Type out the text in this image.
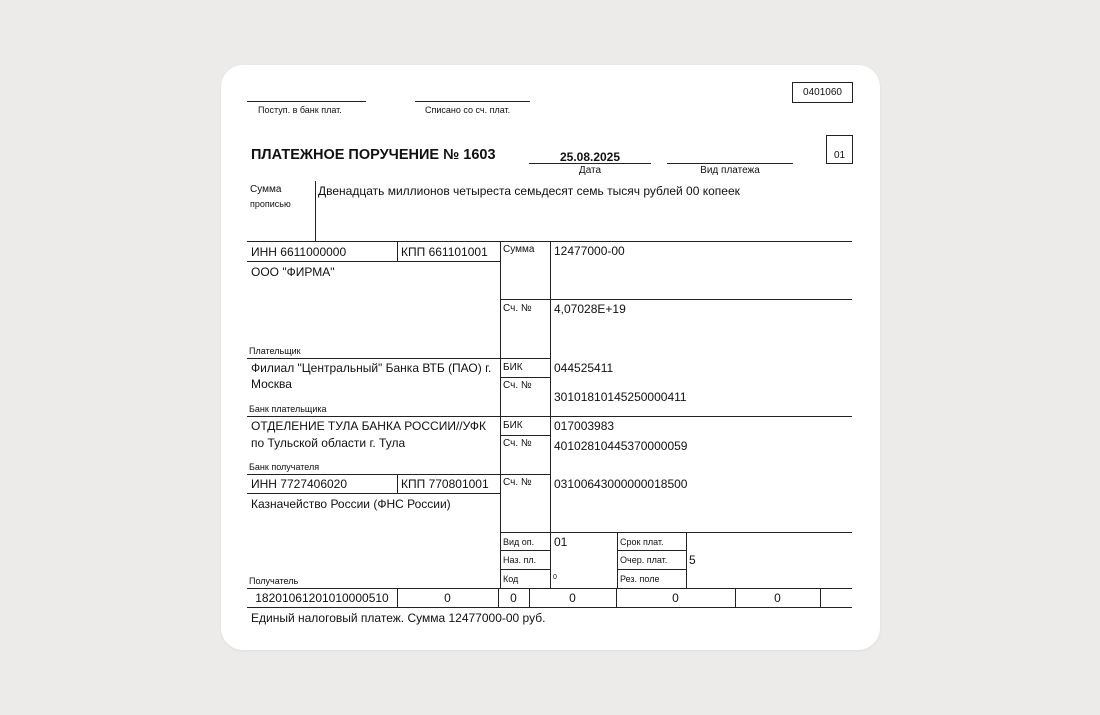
Поступ. в банк плат.	Списано со сч. плат.
0401060
ПЛАТЕЖНОЕ ПОРУЧЕНИЕ № 1603	25.08.2025
Дата	Вид платежа
01
Сумма
прописью
Двенадцать миллионов четыреста семьдесят семь тысяч рублей 00 копеек
ИНН 6611000000	КПП 661101001
ООО "ФИРМА"
Плательщик
Сумма 12477000-00
Сч. № 4,07028E+19
Филиал "Центральный" Банка ВТБ (ПАО) г.
Москва
Банк плательщика
БИК	044525411
Сч. №
30101810145250000411
ОТДЕЛЕНИЕ ТУЛА БАНКА РОССИИ//УФК
по Тульской области г. Тула
Банк получателя
БИК	017003983
Сч. № 40102810445370000059
ИНН 7727406020	КПП 770801001
Казначейство России (ФНС России)
Получатель
Сч. № 03100643000000018500
Вид оп. 01
Наз. пл.
Код	0
Срок плат.
Очер. плат. 5
Рез. поле
18201061201010000510	0	0	0	0	0
Единый налоговый платеж. Сумма 12477000-00 руб.
